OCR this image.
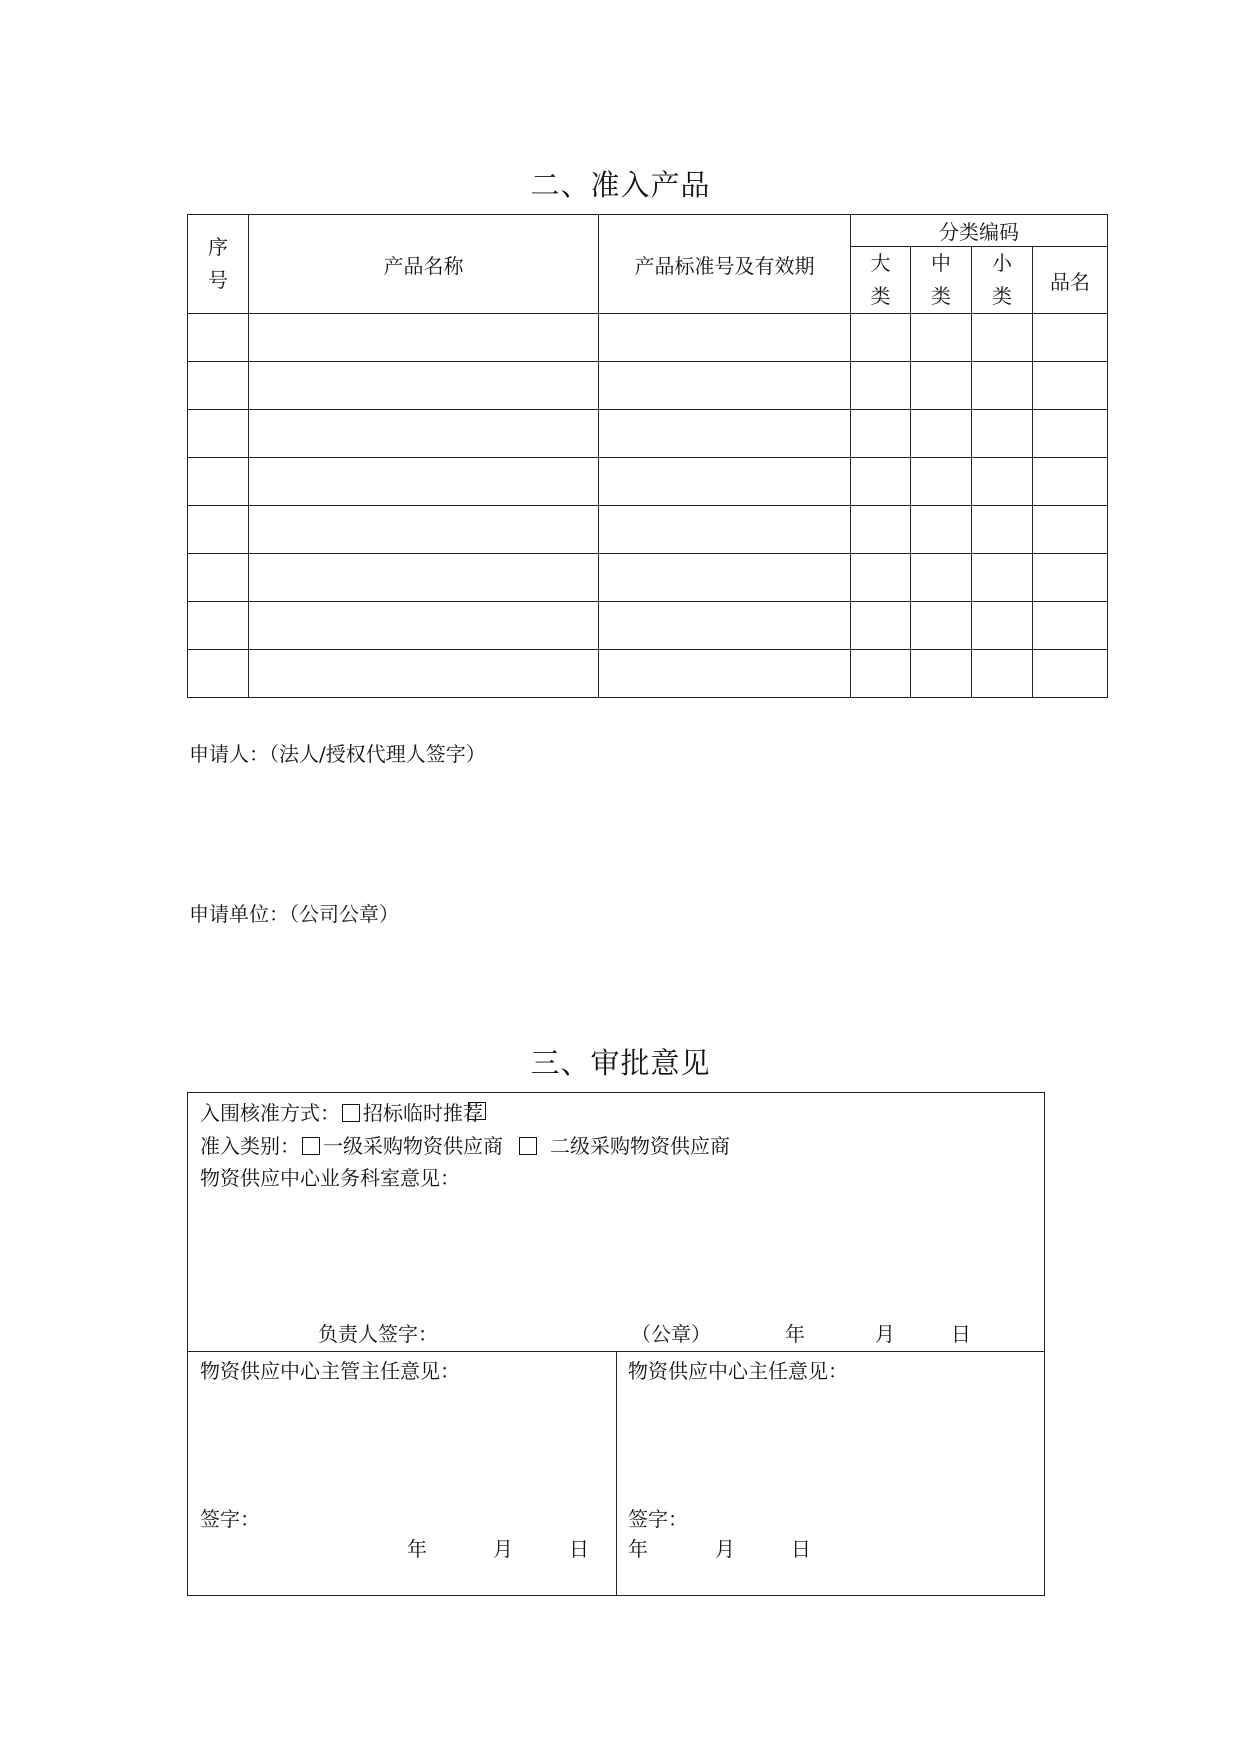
二、准入产品
序号	产品名称	产品标准号及有效期	分类编码			
			大类	中类	小类	品名

申请人：（法人/授权代理人签字）
申请单位：（公司公章）
三、审批意见
入围核准方式： 招标临时推荐
准入类别： 一级采购物资供应商 二级采购物资供应商
物资供应中心业务科室意见：
负责人签字：	（公章）	年	月	日
物资供应中心主管主任意见：
签字：
年	月	日
物资供应中心主任意见：
签字：
年	月	日
